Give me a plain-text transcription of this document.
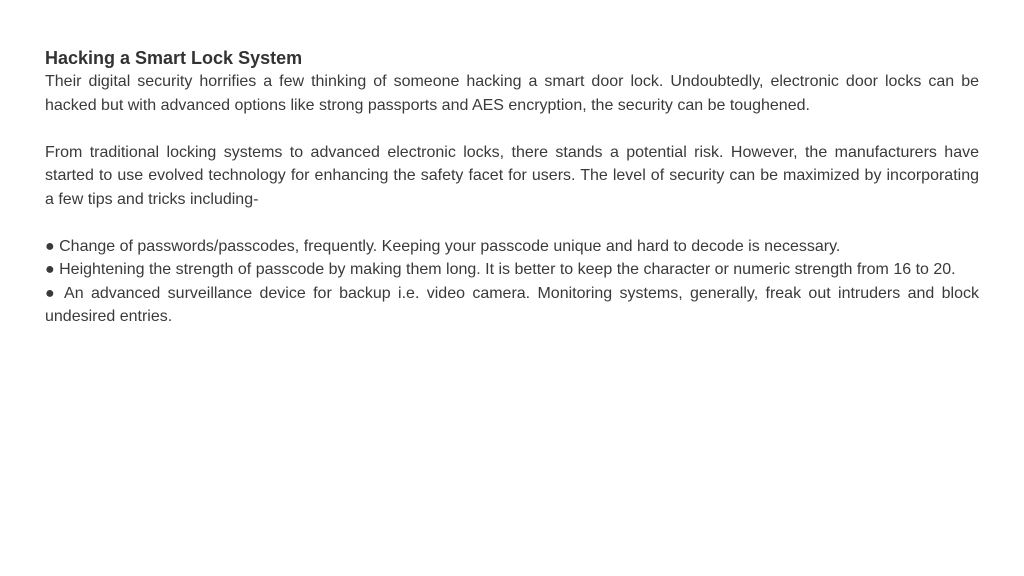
Hacking a Smart Lock System

Their digital security horrifies a few thinking of someone hacking a smart door lock. Undoubtedly, electronic door locks can be hacked but with advanced options like strong passports and AES encryption, the security can be toughened.

From traditional locking systems to advanced electronic locks, there stands a potential risk. However, the manufacturers have started to use evolved technology for enhancing the safety facet for users. The level of security can be maximized by incorporating a few tips and tricks including-

● Change of passwords/passcodes, frequently. Keeping your passcode unique and hard to decode is necessary.
● Heightening the strength of passcode by making them long. It is better to keep the character or numeric strength from 16 to 20.
● An advanced surveillance device for backup i.e. video camera. Monitoring systems, generally, freak out intruders and block undesired entries.
